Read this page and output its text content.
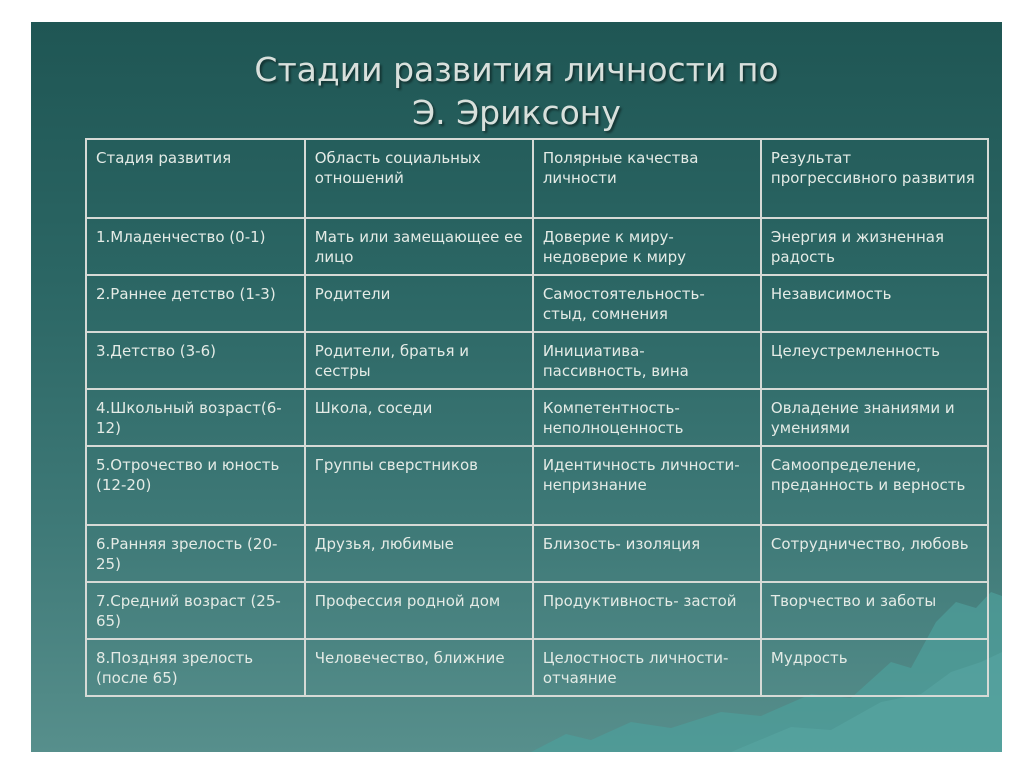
Стадии развития личности по
Э. Эриксону
Стадия развития	Область социальных отношений	Полярные качества личности	Результат прогрессивного развития
1.Младенчество (0-1)	Мать или замещающее ее лицо	Доверие к миру- недоверие к миру	Энергия и жизненная радость
2.Раннее детство (1-3)	Родители	Самостоятельность- стыд, сомнения	Независимость
3.Детство (3-6)	Родители, братья и сестры	Инициатива- пассивность, вина	Целеустремленность
4.Школьный возраст(6-12)	Школа, соседи	Компетентность- неполноценность	Овладение знаниями и умениями
5.Отрочество и юность (12-20)	Группы сверстников	Идентичность личности- непризнание	Самоопределение, преданность и верность
6.Ранняя зрелость (20-25)	Друзья, любимые	Близость- изоляция	Сотрудничество, любовь
7.Средний возраст (25-65)	Профессия родной дом	Продуктивность- застой	Творчество и заботы
8.Поздняя зрелость (после 65)	Человечество, ближние	Целостность личности- отчаяние	Мудрость
